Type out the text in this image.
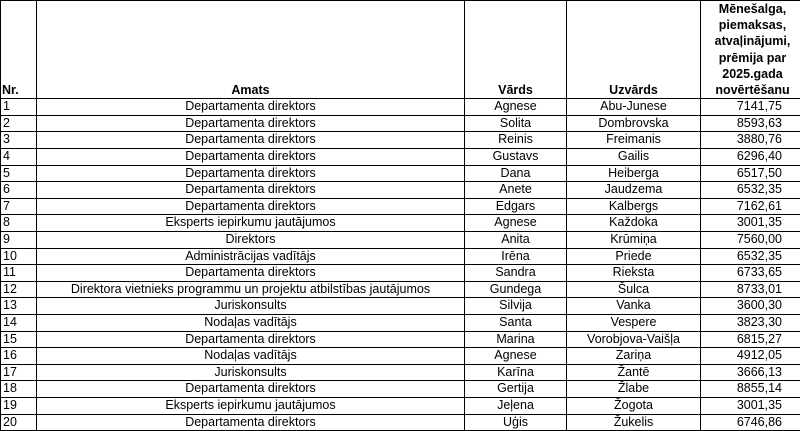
Nr.	Amats	Vārds	Uzvārds	Mēnešalga, piemaksas, atvaļinājumi, prēmija par 2025.gada novērtēšanu
1	Departamenta direktors	Agnese	Abu-Junese	7141,75
2	Departamenta direktors	Solita	Dombrovska	8593,63
3	Departamenta direktors	Reinis	Freimanis	3880,76
4	Departamenta direktors	Gustavs	Gailis	6296,40
5	Departamenta direktors	Dana	Heiberga	6517,50
6	Departamenta direktors	Anete	Jaudzema	6532,35
7	Departamenta direktors	Edgars	Kalbergs	7162,61
8	Eksperts iepirkumu jautājumos	Agnese	Každoka	3001,35
9	Direktors	Anita	Krūmiņa	7560,00
10	Administrācijas vadītājs	Irēna	Priede	6532,35
11	Departamenta direktors	Sandra	Rieksta	6733,65
12	Direktora vietnieks programmu un projektu atbilstības jautājumos	Gundega	Šulca	8733,01
13	Juriskonsults	Silvija	Vanka	3600,30
14	Nodaļas vadītājs	Santa	Vespere	3823,30
15	Departamenta direktors	Marina	Vorobjova-Vaišļa	6815,27
16	Nodaļas vadītājs	Agnese	Zariņa	4912,05
17	Juriskonsults	Karīna	Žantē	3666,13
18	Departamenta direktors	Gertija	Žlabe	8855,14
19	Eksperts iepirkumu jautājumos	Jeļena	Žogota	3001,35
20	Departamenta direktors	Uģis	Žukelis	6746,86
